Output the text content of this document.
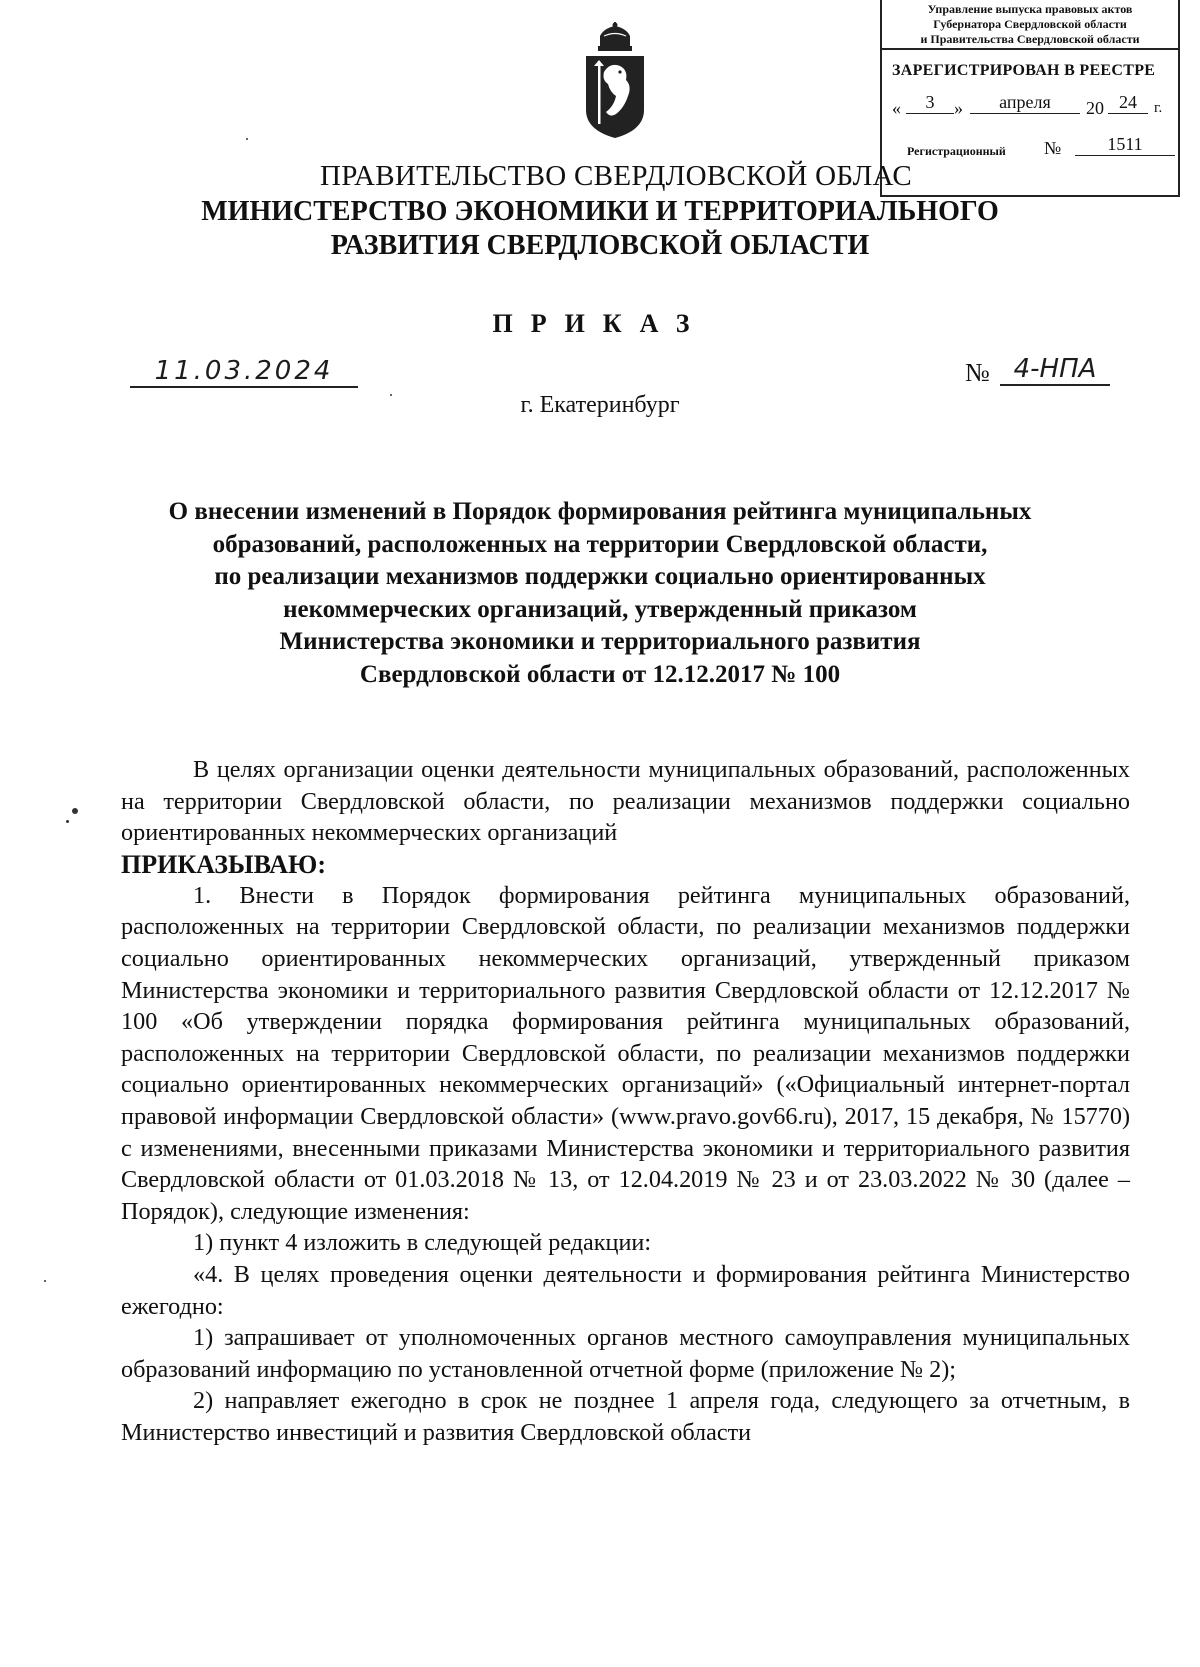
Управление выпуска правовых актов
Губернатора Свердловской области
и Правительства Свердловской области
ЗАРЕГИСТРИРОВАН В РЕЕСТРЕ
«	3	»	апреля	20 24	г.
Регистрационный №	1511
ПРАВИТЕЛЬСТВО СВЕРДЛОВСКОЙ ОБЛАС
МИНИСТЕРСТВО ЭКОНОМИКИ И ТЕРРИТОРИАЛЬНОГО
РАЗВИТИЯ СВЕРДЛОВСКОЙ ОБЛАСТИ
ПРИКАЗ
11.03.2024	№ 4-НПА
г. Екатеринбург
О внесении изменений в Порядок формирования рейтинга муниципальных
образований, расположенных на территории Свердловской области,
по реализации механизмов поддержки социально ориентированных
некоммерческих организаций, утвержденный приказом
Министерства экономики и территориального развития
Свердловской области от 12.12.2017 № 100

В целях организации оценки деятельности муниципальных образований, расположенных на территории Свердловской области, по реализации механизмов поддержки социально ориентированных некоммерческих организаций

ПРИКАЗЫВАЮ:

1. Внести в Порядок формирования рейтинга муниципальных образований, расположенных на территории Свердловской области, по реализации механизмов поддержки социально ориентированных некоммерческих организаций, утвержденный приказом Министерства экономики и территориального развития Свердловской области от 12.12.2017 № 100 «Об утверждении порядка формирования рейтинга муниципальных образований, расположенных на территории Свердловской области, по реализации механизмов поддержки социально ориентированных некоммерческих организаций» («Официальный интернет-портал правовой информации Свердловской области» (www.pravo.gov66.ru), 2017, 15 декабря, № 15770) с изменениями, внесенными приказами Министерства экономики и территориального развития Свердловской области от 01.03.2018 № 13, от 12.04.2019 № 23 и от 23.03.2022 № 30 (далее – Порядок), следующие изменения:

1) пункт 4 изложить в следующей редакции:

«4. В целях проведения оценки деятельности и формирования рейтинга Министерство ежегодно:

1) запрашивает от уполномоченных органов местного самоуправления муниципальных образований информацию по установленной отчетной форме (приложение № 2);

2) направляет ежегодно в срок не позднее 1 апреля года, следующего за отчетным, в Министерство инвестиций и развития Свердловской области
